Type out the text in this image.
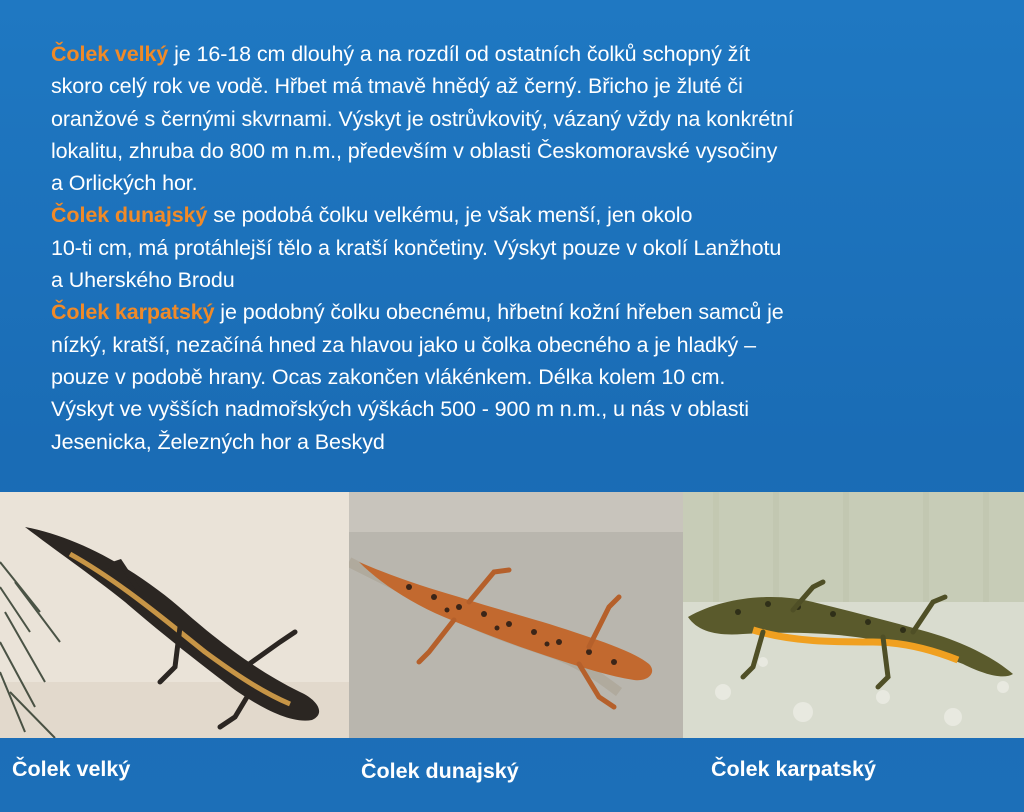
Čolek velký je 16-18 cm dlouhý a na rozdíl od ostatních čolků schopný žít
skoro celý rok ve vodě. Hřbet má tmavě hnědý až černý. Břicho je žluté či
oranžové s černými skvrnami. Výskyt je ostrůvkovitý, vázaný vždy na konkrétní
lokalitu, zhruba do 800 m n.m., především v oblasti Českomoravské vysočiny
a Orlických hor.

Čolek dunajský se podobá čolku velkému, je však menší, jen okolo
10-ti cm, má protáhlejší tělo a kratší končetiny. Výskyt pouze v okolí Lanžhotu
a Uherského Brodu

Čolek karpatský je podobný čolku obecnému, hřbetní kožní hřeben samců je
nízký, kratší, nezačíná hned za hlavou jako u čolka obecného a je hladký –
pouze v podobě hrany. Ocas zakončen vlákénkem. Délka kolem 10 cm.
Výskyt ve vyšších nadmořských výškách 500 - 900 m n.m., u nás v oblasti
Jesenicka, Železných hor a Beskyd

Čolek velký	Čolek dunajský	Čolek karpatský
